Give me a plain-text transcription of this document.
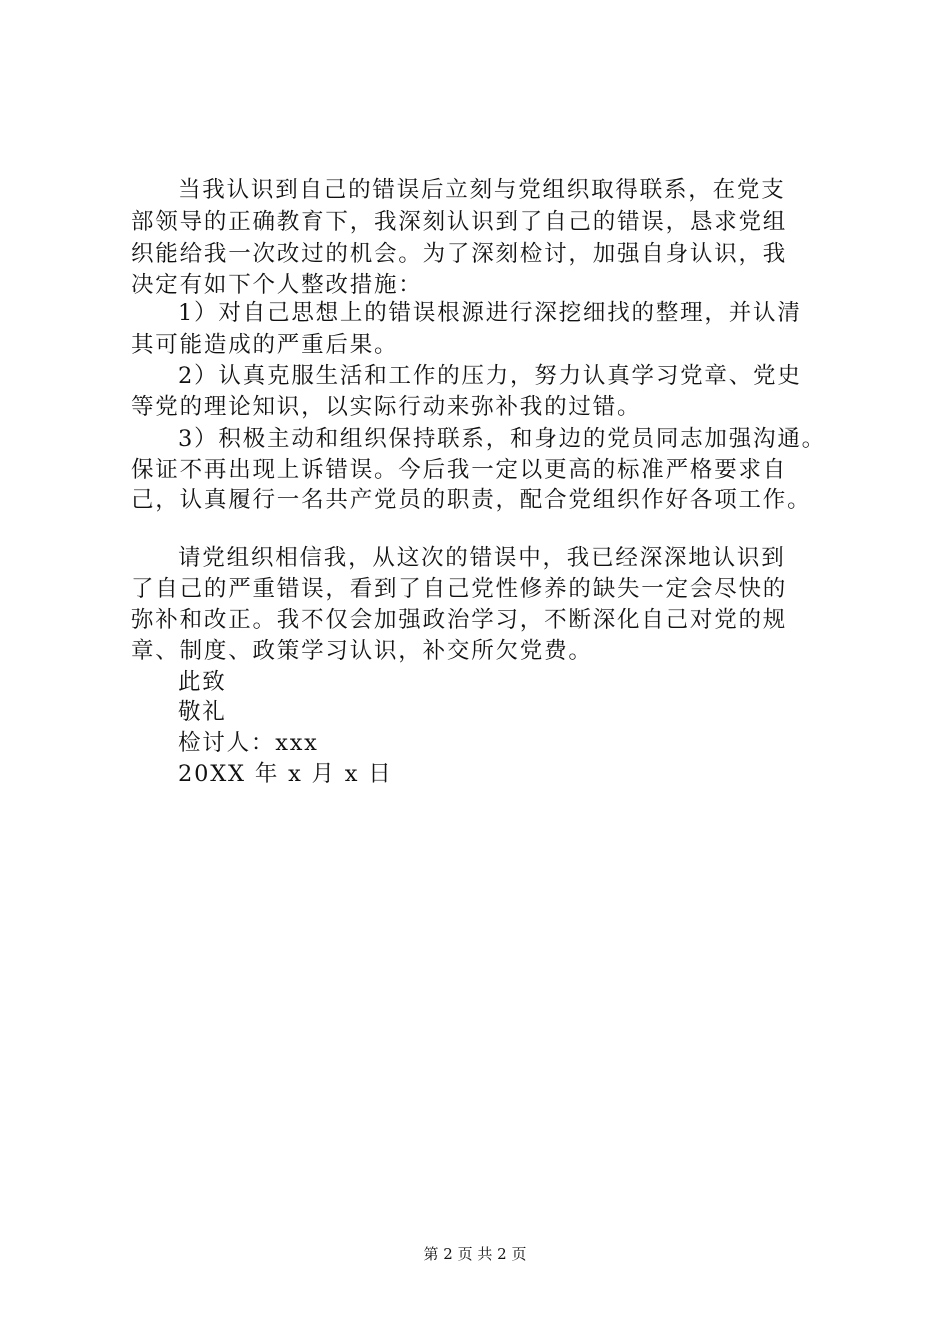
当我认识到自己的错误后立刻与党组织取得联系，在党支

部领导的正确教育下，我深刻认识到了自己的错误，恳求党组

织能给我一次改过的机会。为了深刻检讨，加强自身认识，我

决定有如下个人整改措施：

1）对自己思想上的错误根源进行深挖细找的整理，并认清

其可能造成的严重后果。

2）认真克服生活和工作的压力，努力认真学习党章、党史

等党的理论知识，以实际行动来弥补我的过错。

3）积极主动和组织保持联系，和身边的党员同志加强沟通。

保证不再出现上诉错误。今后我一定以更高的标准严格要求自

己，认真履行一名共产党员的职责，配合党组织作好各项工作。

请党组织相信我，从这次的错误中，我已经深深地认识到

了自己的严重错误，看到了自己党性修养的缺失一定会尽快的

弥补和改正。我不仅会加强政治学习，不断深化自己对党的规

章、制度、政策学习认识，补交所欠党费。

此致

敬礼

检讨人：xxx

20XX 年 x 月 x 日

第 2 页 共 2 页
